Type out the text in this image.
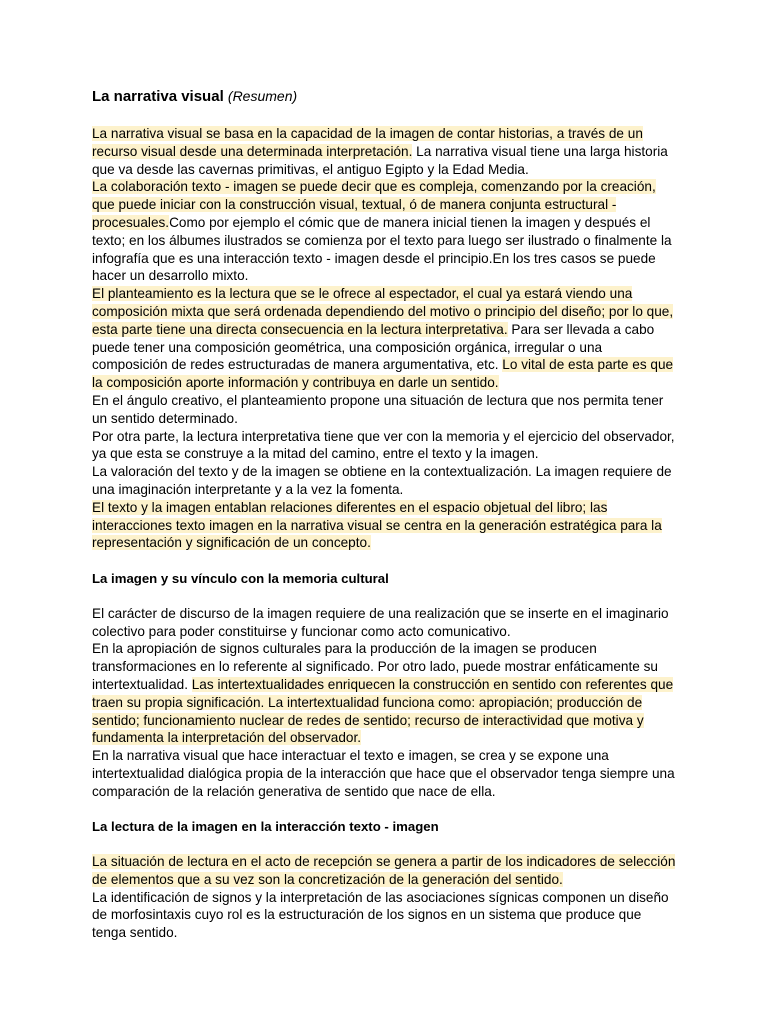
La narrativa visual (Resumen)

La narrativa visual se basa en la capacidad de la imagen de contar historias, a través de un recurso visual desde una determinada interpretación. La narrativa visual tiene una larga historia que va desde las cavernas primitivas, el antiguo Egipto y la Edad Media.

La colaboración texto - imagen se puede decir que es compleja, comenzando por la creación, que puede iniciar con la construcción visual, textual, ó de manera conjunta estructural - procesuales.Como por ejemplo el cómic que de manera inicial tienen la imagen y después el texto; en los álbumes ilustrados se comienza por el texto para luego ser ilustrado o finalmente la infografía que es una interacción texto - imagen desde el principio.En los tres casos se puede hacer un desarrollo mixto.

El planteamiento es la lectura que se le ofrece al espectador, el cual ya estará viendo una composición mixta que será ordenada dependiendo del motivo o principio del diseño; por lo que, esta parte tiene una directa consecuencia en la lectura interpretativa. Para ser llevada a cabo puede tener una composición geométrica, una composición orgánica, irregular o una composición de redes estructuradas de manera argumentativa, etc. Lo vital de esta parte es que la composición aporte información y contribuya en darle un sentido.

En el ángulo creativo, el planteamiento propone una situación de lectura que nos permita tener un sentido determinado.

Por otra parte, la lectura interpretativa tiene que ver con la memoria y el ejercicio del observador, ya que esta se construye a la mitad del camino, entre el texto y la imagen.

La valoración del texto y de la imagen se obtiene en la contextualización. La imagen requiere de una imaginación interpretante y a la vez la fomenta.

El texto y la imagen entablan relaciones diferentes en el espacio objetual del libro; las interacciones texto imagen en la narrativa visual se centra en la generación estratégica para la representación y significación de un concepto.

La imagen y su vínculo con la memoria cultural

El carácter de discurso de la imagen requiere de una realización que se inserte en el imaginario colectivo para poder constituirse y funcionar como acto comunicativo.

En la apropiación de signos culturales para la producción de la imagen se producen transformaciones en lo referente al significado. Por otro lado, puede mostrar enfáticamente su intertextualidad. Las intertextualidades enriquecen la construcción en sentido con referentes que traen su propia significación. La intertextualidad funciona como: apropiación; producción de sentido; funcionamiento nuclear de redes de sentido; recurso de interactividad que motiva y fundamenta la interpretación del observador.

En la narrativa visual que hace interactuar el texto e imagen, se crea y se expone una intertextualidad dialógica propia de la interacción que hace que el observador tenga siempre una comparación de la relación generativa de sentido que nace de ella.

La lectura de la imagen en la interacción texto - imagen

La situación de lectura en el acto de recepción se genera a partir de los indicadores de selección de elementos que a su vez son la concretización de la generación del sentido.

La identificación de signos y la interpretación de las asociaciones sígnicas componen un diseño de morfosintaxis cuyo rol es la estructuración de los signos en un sistema que produce que tenga sentido.
